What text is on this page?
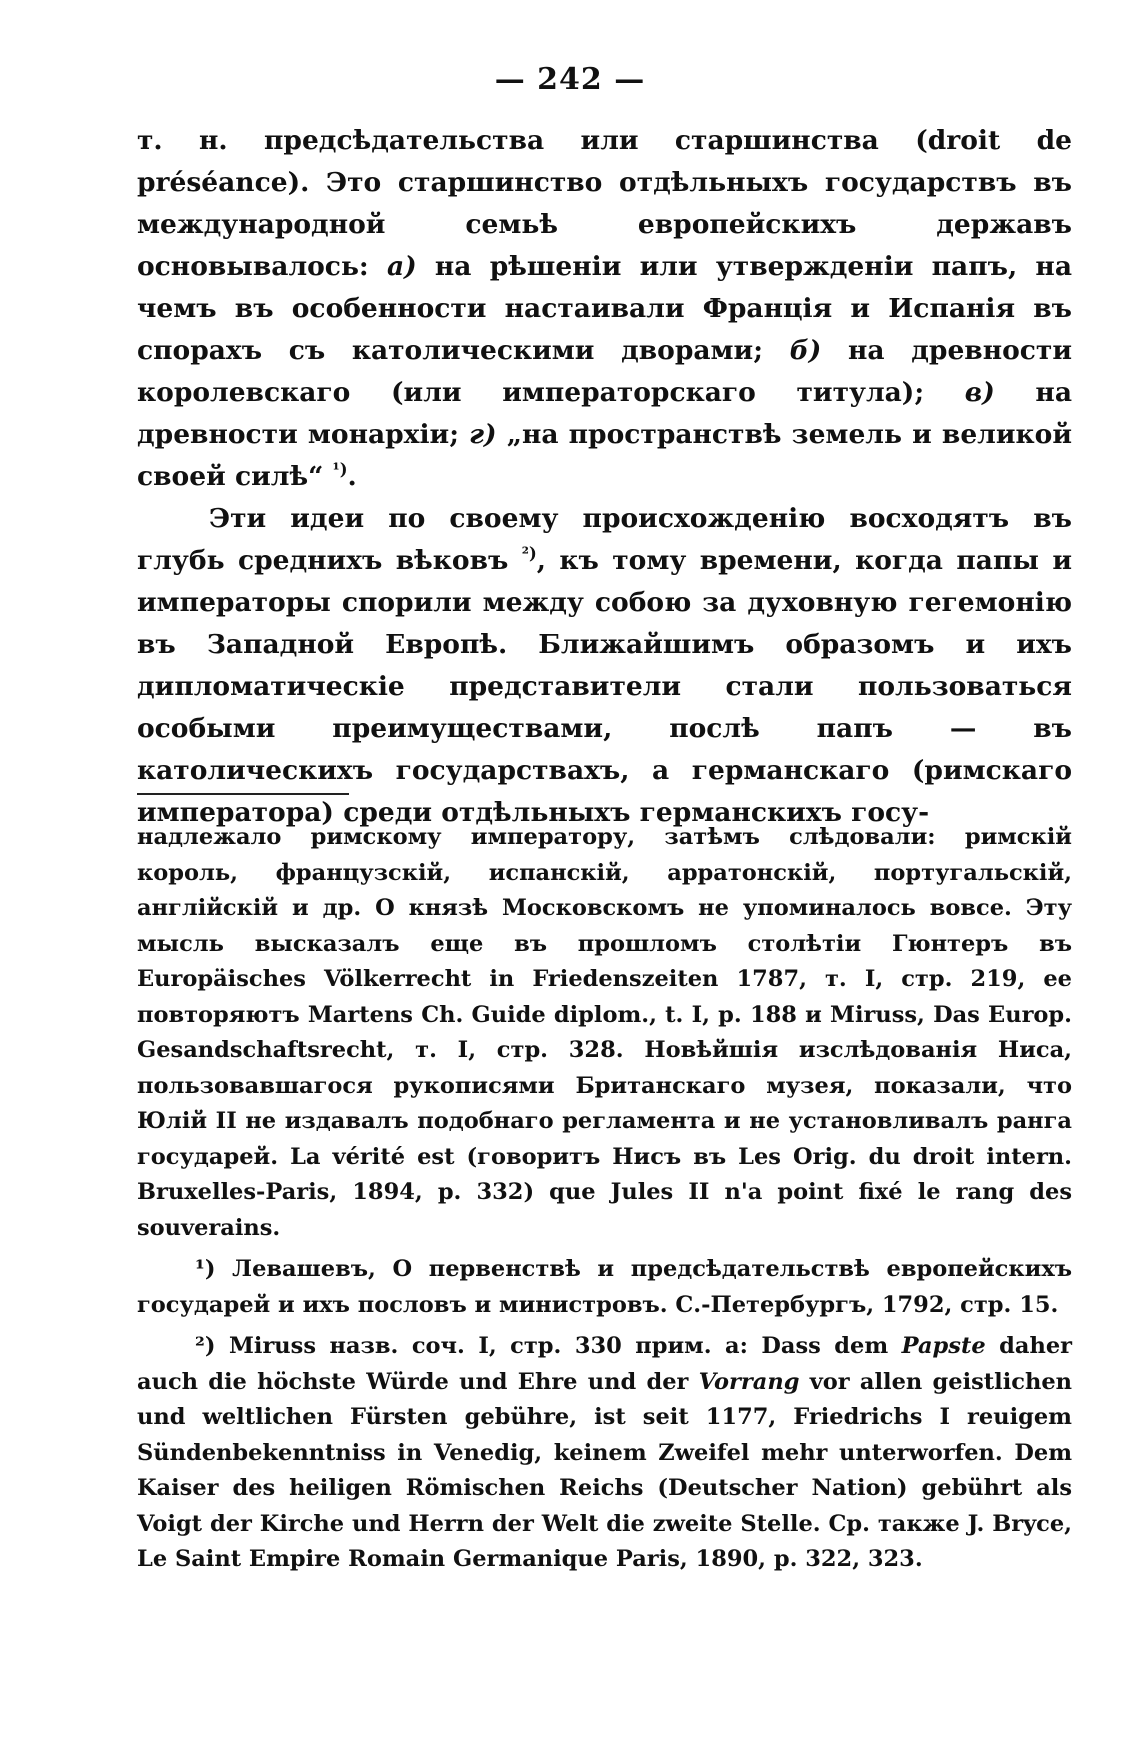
— 242 —

т. н. предсѣдательства или старшинства (droit de préséance). Это старшинство отдѣльныхъ государствъ въ международной семьѣ европейскихъ державъ основывалось: а) на рѣшеніи или утвержденіи папъ, на чемъ въ особенности настаивали Франція и Испанія въ спорахъ съ католическими дворами; б) на древности королевскаго (или императорскаго титула); в) на древности монархіи; г) „на пространствѣ земель и великой своей силѣ“ $^{^1)}$.

Эти идеи по своему происхожденію восходятъ въ глубь среднихъ вѣковъ $^{^2)}$, къ тому времени, когда папы и императоры спорили между собою за духовную гегемонію въ Западной Европѣ. Ближайшимъ образомъ и ихъ дипломатическіе представители стали пользоваться особыми преимуществами, послѣ папъ — въ католическихъ государствахъ, а германскаго (римскаго императора) среди отдѣльныхъ германскихъ госу-

надлежало римскому императору, затѣмъ слѣдовали: римскій король, французскій, испанскій, арратонскій, португальскій, англійскій и др. О князѣ Московскомъ не упоминалось вовсе. Эту мысль высказалъ еще въ прошломъ столѣтіи Гюнтеръ въ Europäisches Völkerrecht in Friedenszeiten 1787, т. I, стр. 219, ее повторяютъ Martens Ch. Guide diplom., t. I, p. 188 и Miruss, Das Europ. Gesandschaftsrecht, т. I, стр. 328. Новѣйшія изслѣдованія Ниса, пользовавшагося рукописями Британскаго музея, показали, что Юлій II не издавалъ подобнаго регламента и не установливалъ ранга государей. La vérité est (говоритъ Нисъ въ Les Orig. du droit intern. Bruxelles-Paris, 1894, p. 332) que Jules II n'a point fixé le rang des souverains.

¹) Левашевъ, О первенствѣ и предсѣдательствѣ европейскихъ государей и ихъ пословъ и министровъ. С.-Петербургъ, 1792, стр. 15.

²) Miruss назв. соч. I, стр. 330 прим. а: Dass dem Papste daher auch die höchste Würde und Ehre und der Vorrang vor allen geistlichen und weltlichen Fürsten gebühre, ist seit 1177, Friedrichs I reuigem Sündenbekenntniss in Venedig, keinem Zweifel mehr unterworfen. Dem Kaiser des heiligen Römischen Reichs (Deutscher Nation) gebührt als Voigt der Kirche und Herrn der Welt die zweite Stelle. Cp. также J. Bryce, Le Saint Empire Romain Germanique Paris, 1890, p. 322, 323.
